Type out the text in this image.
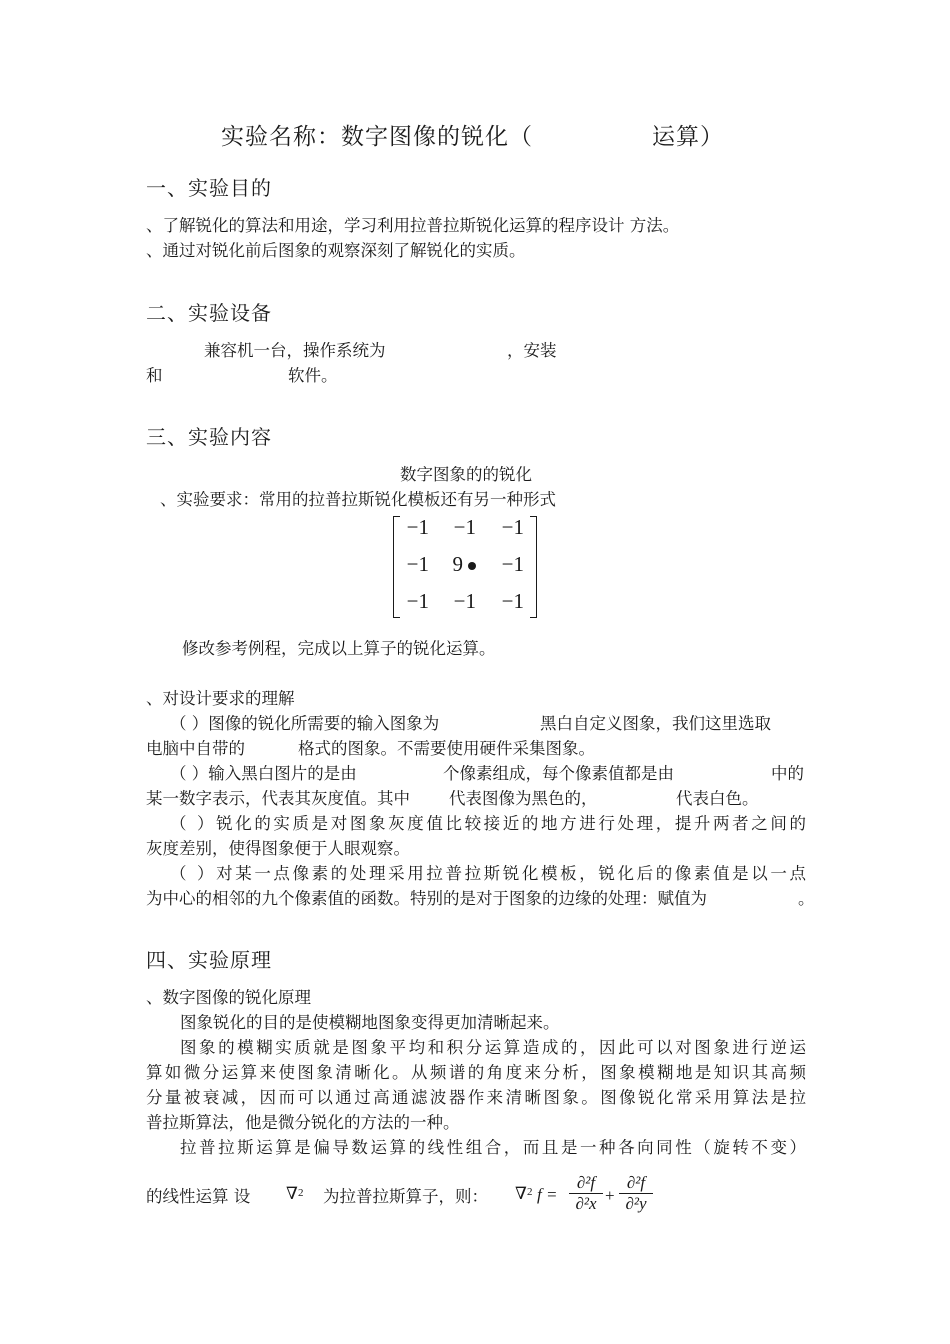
实验名称：数字图像的锐化（	运算）
一、实验目的
、了解锐化的算法和用途，学习利用拉普拉斯锐化运算的程序设计 方法。
、通过对锐化前后图象的观察深刻了解锐化的实质。
二、实验设备
兼容机一台，操作系统为	，安装
和	软件。
三、实验内容
数字图象的的锐化
、实验要求：常用的拉普拉斯锐化模板还有另一种形式
−1	−1	−1
−1	9	−1
−1	−1	−1
修改参考例程，完成以上算子的锐化运算。
、对设计要求的理解
（ ）图像的锐化所需要的输入图象为	黑白自定义图象，我们这里选取
电脑中自带的	格式的图象。不需要使用硬件采集图象。
（ ）输入黑白图片的是由	个像素组成，每个像素值都是由	中的
某一数字表示，代表其灰度值。其中 代表图像为黑色的，	代表白色。
（ ）锐化的实质是对图象灰度值比较接近的地方进行处理，提升两者之间的
灰度差别，使得图象便于人眼观察。
（ ）对某一点像素的处理采用拉普拉斯锐化模板，锐化后的像素值是以一点
为中心的相邻的九个像素值的函数。特别的是对于图象的边缘的处理：赋值为	。
四、实验原理
、数字图像的锐化原理
图象锐化的目的是使模糊地图象变得更加清晰起来。
图象的模糊实质就是图象平均和积分运算造成的，因此可以对图象进行逆运
算如微分运算来使图象清晰化。从频谱的角度来分析，图象模糊地是知识其高频
分量被衰减，因而可以通过高通滤波器作来清晰图象。图像锐化常采用算法是拉
普拉斯算法，他是微分锐化的方法的一种。
拉普拉斯运算是偏导数运算的线性组合，而且是一种各向同性（旋转不变）
的线性运算 设 ∇ 2 为拉普拉斯算子，则： ∇ 2 $f = \frac{\text{∂²f}}{\text{∂²x}} + \frac{\text{∂²f}}{\text{∂²y}}$
